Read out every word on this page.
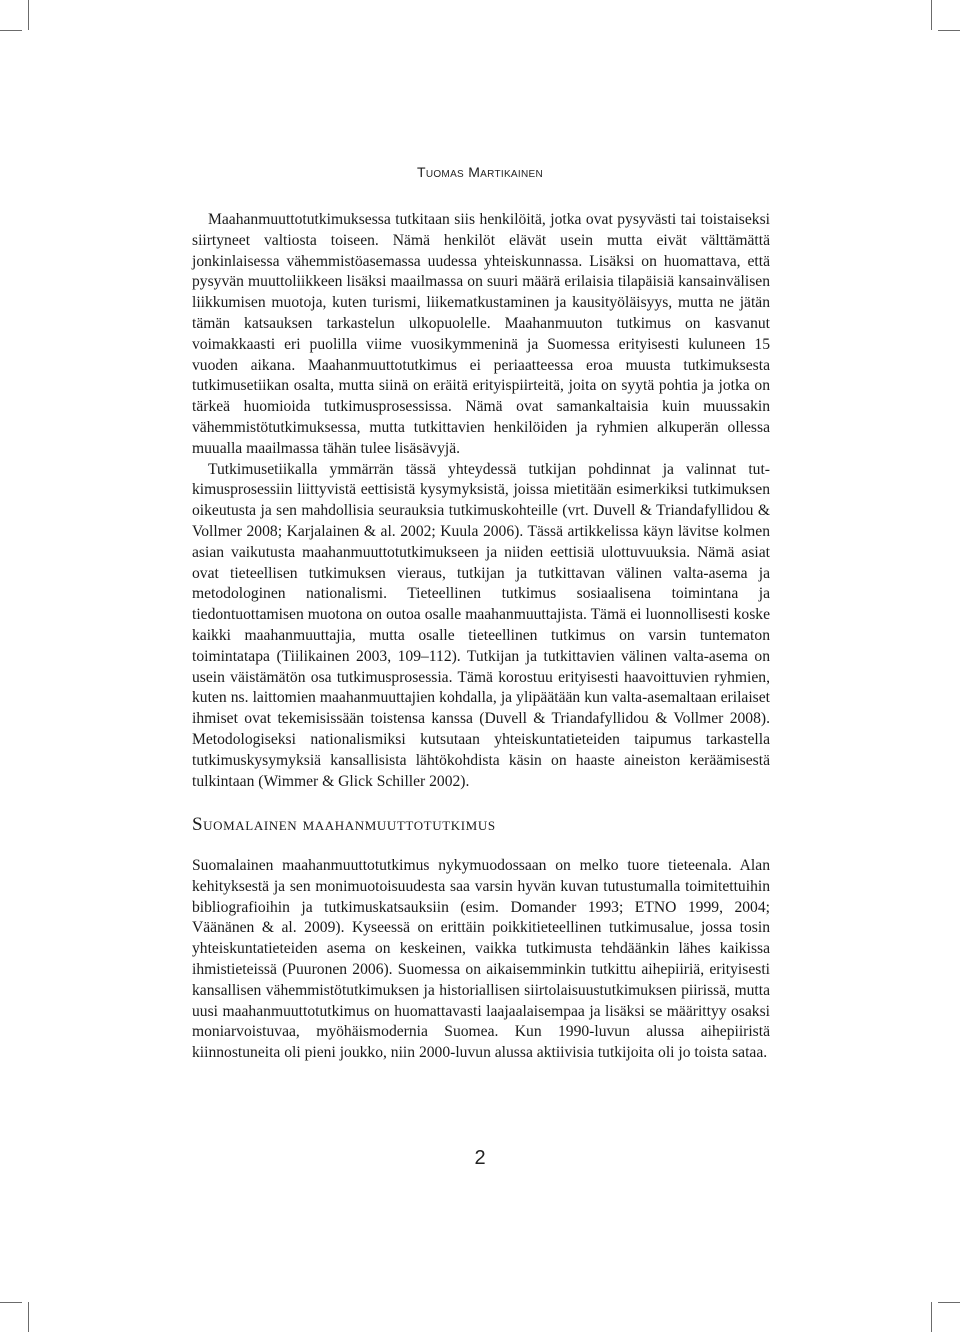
Tuomas Martikainen

Maahanmuuttotutkimuksessa tutkitaan siis henkilöitä, jotka ovat pysyvästi tai toistaiseksi siirtyneet valtiosta toiseen. Nämä henkilöt elävät usein mutta eivät välttämättä jonkinlaisessa vähemmistöasemassa uudessa yhteiskunnassa. Lisäksi on huomattava, että pysyvän muuttoliikkeen lisäksi maailmassa on suuri määrä erilaisia tilapäisiä kansainvälisen liikkumisen muotoja, kuten turismi, liikematkustaminen ja kausityöläisyys, mutta ne jätän tämän katsauksen tarkastelun ulkopuolelle. Maahanmuuton tutkimus on kasvanut voimakkaasti eri puolilla viime vuosikymmeninä ja Suomessa erityisesti kuluneen 15 vuoden aikana. Maahanmuuttotutkimus ei periaatteessa eroa muusta tutkimuksesta tutkimusetiikan osalta, mutta siinä on eräitä erityispiirteitä, joita on syytä pohtia ja jotka on tärkeä huomioida tutkimusprosessissa. Nämä ovat samankaltaisia kuin muussakin vähemmistötutkimuksessa, mutta tutkittavien henkilöiden ja ryhmien alkuperän ollessa muualla maailmassa tähän tulee lisäsävyjä.

Tutkimusetiikalla ymmärrän tässä yhteydessä tutkijan pohdinnat ja valinnat tutkimusprosessiin liittyvistä eettisistä kysymyksistä, joissa mietitään esimerkiksi tutkimuksen oikeutusta ja sen mahdollisia seurauksia tutkimuskohteille (vrt. Duvell & Triandafyllidou & Vollmer 2008; Karjalainen & al. 2002; Kuula 2006). Tässä artikkelissa käyn lävitse kolmen asian vaikutusta maahanmuuttotutkimukseen ja niiden eettisiä ulottuvuuksia. Nämä asiat ovat tieteellisen tutkimuksen vieraus, tutkijan ja tutkittavan välinen valta-asema ja metodologinen nationalismi. Tieteellinen tutkimus sosiaalisena toimintana ja tiedontuottamisen muotona on outoa osalle maahanmuuttajista. Tämä ei luonnollisesti koske kaikki maahanmuuttajia, mutta osalle tieteellinen tutkimus on varsin tuntematon toimintatapa (Tiilikainen 2003, 109–112). Tutkijan ja tutkittavien välinen valta-asema on usein väistämätön osa tutkimusprosessia. Tämä korostuu erityisesti haavoittuvien ryhmien, kuten ns. laittomien maahanmuuttajien kohdalla, ja ylipäätään kun valta-asemaltaan erilaiset ihmiset ovat tekemisissään toistensa kanssa (Duvell & Triandafyllidou & Vollmer 2008). Metodologiseksi nationalismiksi kutsutaan yhteiskuntatieteiden taipumus tarkastella tutkimuskysymyksiä kansallisista lähtökohdista käsin on haaste aineiston keräämisestä tulkintaan (Wimmer & Glick Schiller 2002).

Suomalainen maahanmuuttotutkimus

Suomalainen maahanmuuttotutkimus nykymuodossaan on melko tuore tieteenala. Alan kehityksestä ja sen monimuotoisuudesta saa varsin hyvän kuvan tutustumalla toimitettuihin bibliografioihin ja tutkimuskatsauksiin (esim. Domander 1993; ETNO 1999, 2004; Väänänen & al. 2009). Kyseessä on erittäin poikkitieteellinen tutkimusalue, jossa tosin yhteiskuntatieteiden asema on keskeinen, vaikka tutkimusta tehdäänkin lähes kaikissa ihmistieteissä (Puuronen 2006). Suomessa on aikaisemminkin tutkittu aihepiiriä, erityisesti kansallisen vähemmistötutkimuksen ja historiallisen siirtolaisuustutkimuksen piirissä, mutta uusi maahanmuuttotutkimus on huomattavasti laajaalaisempaa ja lisäksi se määrittyy osaksi moniarvoistuvaa, myöhäismodernia Suomea. Kun 1990-luvun alussa aihepiiristä kiinnostuneita oli pieni joukko, niin 2000-luvun alussa aktiivisia tutkijoita oli jo toista sataa.

2
